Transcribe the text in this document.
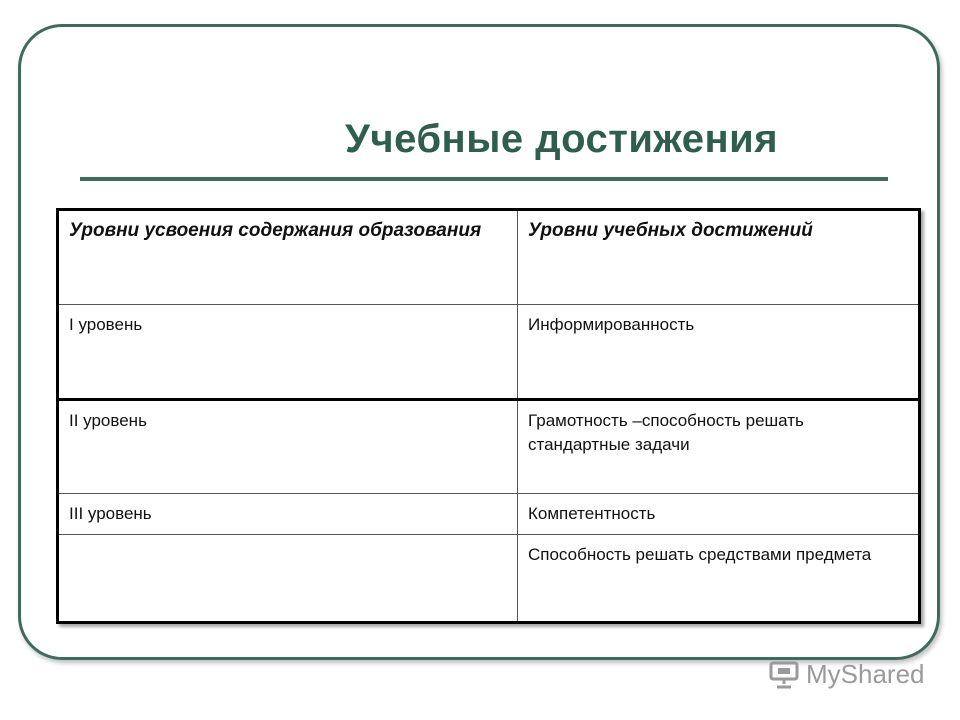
Учебные достижения
Уровни усвоения содержания образования	Уровни учебных достижений
I уровень	Информированность
II уровень	Грамотность –способность решать стандартные задачи
III уровень	Компетентность
	Способность решать средствами предмета
MyShared
